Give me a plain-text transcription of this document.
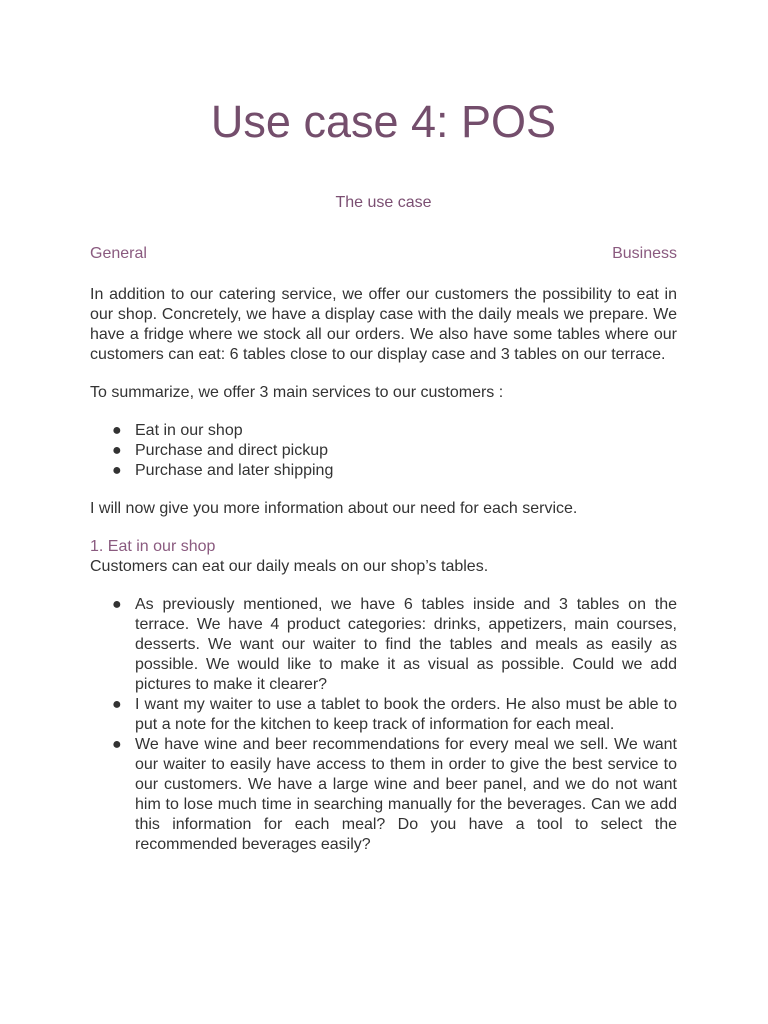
Use case 4: POS

The use case

General	Business

In addition to our catering service, we offer our customers the possibility to eat in our shop. Concretely, we have a display case with the daily meals we prepare. We have a fridge where we stock all our orders. We also have some tables where our customers can eat: 6 tables close to our display case and 3 tables on our terrace.

To summarize, we offer 3 main services to our customers :

● Eat in our shop
● Purchase and direct pickup
● Purchase and later shipping

I will now give you more information about our need for each service.

1. Eat in our shop

Customers can eat our daily meals on our shop’s tables.

● As previously mentioned, we have 6 tables inside and 3 tables on the terrace. We have 4 product categories: drinks, appetizers, main courses, desserts. We want our waiter to find the tables and meals as easily as possible. We would like to make it as visual as possible. Could we add pictures to make it clearer?
● I want my waiter to use a tablet to book the orders. He also must be able to put a note for the kitchen to keep track of information for each meal.
● We have wine and beer recommendations for every meal we sell. We want our waiter to easily have access to them in order to give the best service to our customers. We have a large wine and beer panel, and we do not want him to lose much time in searching manually for the beverages. Can we add this information for each meal? Do you have a tool to select the recommended beverages easily?
